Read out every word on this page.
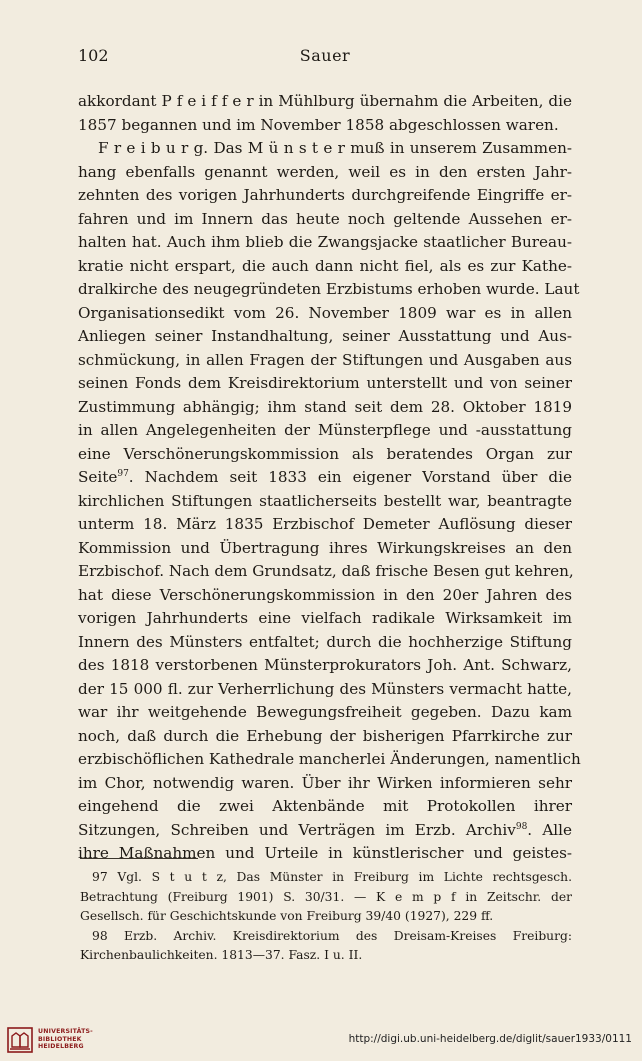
102	Sauer
akkordant P f e i f f e r in Mühlburg übernahm die Arbeiten, die
1857 begannen und im November 1858 abgeschlossen waren.
F r e i b u r g. Das M ü n s t e r muß in unserem Zusammen-
hang ebenfalls genannt werden, weil es in den ersten Jahr-
zehnten des vorigen Jahrhunderts durchgreifende Eingriffe er-
fahren und im Innern das heute noch geltende Aussehen er-
halten hat. Auch ihm blieb die Zwangsjacke staatlicher Bureau-
kratie nicht erspart, die auch dann nicht fiel, als es zur Kathe-
dralkirche des neugegründeten Erzbistums erhoben wurde. Laut
Organisationsedikt vom 26. November 1809 war es in allen
Anliegen seiner Instandhaltung, seiner Ausstattung und Aus-
schmückung, in allen Fragen der Stiftungen und Ausgaben aus
seinen Fonds dem Kreisdirektorium unterstellt und von seiner
Zustimmung abhängig; ihm stand seit dem 28. Oktober 1819
in allen Angelegenheiten der Münsterpflege und -ausstattung
eine Verschönerungskommission als beratendes Organ zur
Seite$^{97}$. Nachdem seit 1833 ein eigener Vorstand über die
kirchlichen Stiftungen staatlicherseits bestellt war, beantragte
unterm 18. März 1835 Erzbischof Demeter Auflösung dieser
Kommission und Übertragung ihres Wirkungskreises an den
Erzbischof. Nach dem Grundsatz, daß frische Besen gut kehren,
hat diese Verschönerungskommission in den 20er Jahren des
vorigen Jahrhunderts eine vielfach radikale Wirksamkeit im
Innern des Münsters entfaltet; durch die hochherzige Stiftung
des 1818 verstorbenen Münsterprokurators Joh. Ant. Schwarz,
der 15 000 fl. zur Verherrlichung des Münsters vermacht hatte,
war ihr weitgehende Bewegungsfreiheit gegeben. Dazu kam
noch, daß durch die Erhebung der bisherigen Pfarrkirche zur
erzbischöflichen Kathedrale mancherlei Änderungen, namentlich
im Chor, notwendig waren. Über ihr Wirken informieren sehr
eingehend die zwei Aktenbände mit Protokollen ihrer
Sitzungen, Schreiben und Verträgen im Erzb. Archiv$^{98}$. Alle
ihre Maßnahmen und Urteile in künstlerischer und geistes-
97 Vgl. S t u t z, Das Münster in Freiburg im Lichte rechtsgesch.
Betrachtung (Freiburg 1901) S. 30/31. — K e m p f in Zeitschr. der
Gesellsch. für Geschichtskunde von Freiburg 39/40 (1927), 229 ff.
98 Erzb. Archiv. Kreisdirektorium des Dreisam-Kreises Freiburg:
Kirchenbaulichkeiten. 1813—37. Fasz. I u. II.
UNIVERSITÄTS-
BIBLIOTHEK
HEIDELBERG
http://digi.ub.uni-heidelberg.de/diglit/sauer1933/0111
